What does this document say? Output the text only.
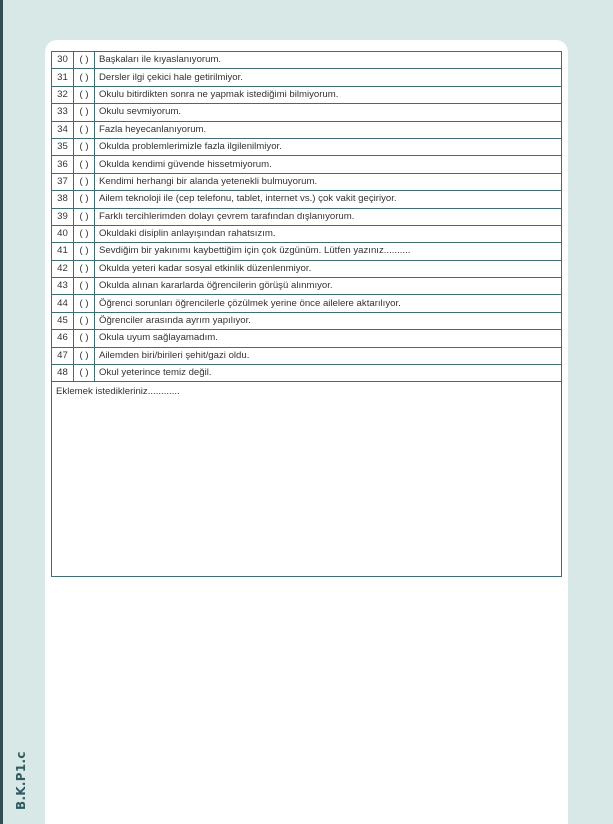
30	( )	Başkaları ile kıyaslanıyorum.
31	( )	Dersler ilgi çekici hale getirilmiyor.
32	( )	Okulu bitirdikten sonra ne yapmak istediğimi bilmiyorum.
33	( )	Okulu sevmiyorum.
34	( )	Fazla heyecanlanıyorum.
35	( )	Okulda problemlerimizle fazla ilgilenilmiyor.
36	( )	Okulda kendimi güvende hissetmiyorum.
37	( )	Kendimi herhangi bir alanda yetenekli bulmuyorum.
38	( )	Ailem teknoloji ile (cep telefonu, tablet, internet vs.) çok vakit geçiriyor.
39	( )	Farklı tercihlerimden dolayı çevrem tarafından dışlanıyorum.
40	( )	Okuldaki disiplin anlayışından rahatsızım.
41	( )	Sevdiğim bir yakınımı kaybettiğim için çok üzgünüm. Lütfen yazınız..........
42	( )	Okulda yeteri kadar sosyal etkinlik düzenlenmiyor.
43	( )	Okulda alınan kararlarda öğrencilerin görüşü alınmıyor.
44	( )	Öğrenci sorunları öğrencilerle çözülmek yerine önce ailelere aktarılıyor.
45	( )	Öğrenciler arasında ayrım yapılıyor.
46	( )	Okula uyum sağlayamadım.
47	( )	Ailemden biri/birileri şehit/gazi oldu.
48	( )	Okul yeterince temiz değil.
Eklemek istedikleriniz............		
B.K.P1.c
